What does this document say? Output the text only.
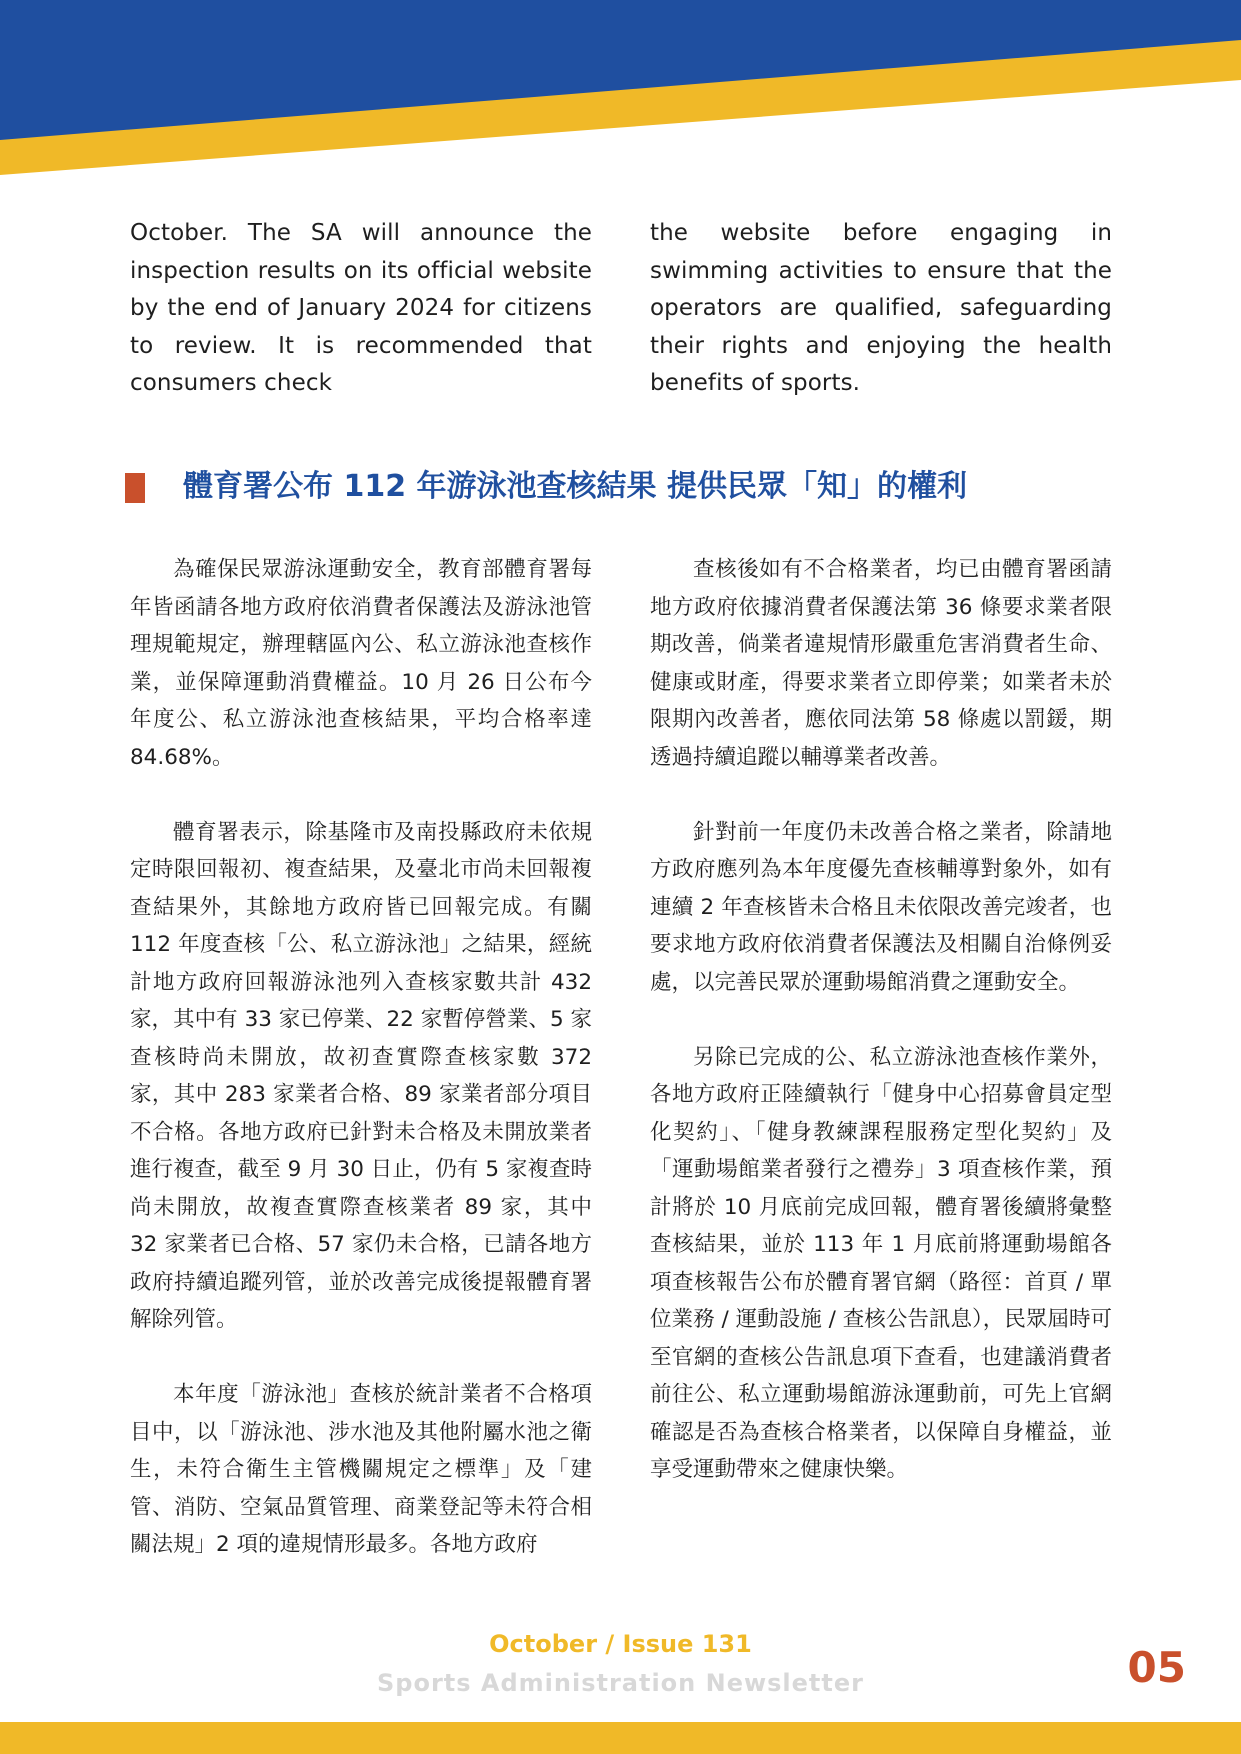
October. The SA will announce the inspection results on its official website by the end of January 2024 for citizens to review. It is recommended that consumers check
the website before engaging in swimming activities to ensure that the operators are qualified, safeguarding their rights and enjoying the health benefits of sports.
體育署公布 112 年游泳池查核結果 提供民眾「知」的權利

為確保民眾游泳運動安全，教育部體育署每年皆函請各地方政府依消費者保護法及游泳池管理規範規定，辦理轄區內公、私立游泳池查核作業，並保障運動消費權益。10 月 26 日公布今年度公、私立游泳池查核結果，平均合格率達 84.68%。

體育署表示，除基隆市及南投縣政府未依規定時限回報初、複查結果，及臺北市尚未回報複查結果外，其餘地方政府皆已回報完成。有關 112 年度查核「公、私立游泳池」之結果，經統計地方政府回報游泳池列入查核家數共計 432 家，其中有 33 家已停業、22 家暫停營業、5 家查核時尚未開放，故初查實際查核家數 372 家，其中 283 家業者合格、89 家業者部分項目不合格。各地方政府已針對未合格及未開放業者進行複查，截至 9 月 30 日止，仍有 5 家複查時尚未開放，故複查實際查核業者 89 家，其中 32 家業者已合格、57 家仍未合格，已請各地方政府持續追蹤列管，並於改善完成後提報體育署解除列管。

本年度「游泳池」查核於統計業者不合格項目中，以「游泳池、涉水池及其他附屬水池之衛生，未符合衛生主管機關規定之標準」及「建管、消防、空氣品質管理、商業登記等未符合相關法規」2 項的違規情形最多。各地方政府

查核後如有不合格業者，均已由體育署函請地方政府依據消費者保護法第 36 條要求業者限期改善，倘業者違規情形嚴重危害消費者生命、健康或財產，得要求業者立即停業；如業者未於限期內改善者，應依同法第 58 條處以罰鍰，期透過持續追蹤以輔導業者改善。

針對前一年度仍未改善合格之業者，除請地方政府應列為本年度優先查核輔導對象外，如有連續 2 年查核皆未合格且未依限改善完竣者，也要求地方政府依消費者保護法及相關自治條例妥處，以完善民眾於運動場館消費之運動安全。

另除已完成的公、私立游泳池查核作業外，各地方政府正陸續執行「健身中心招募會員定型化契約」、「健身教練課程服務定型化契約」及「運動場館業者發行之禮券」3 項查核作業，預計將於 10 月底前完成回報，體育署後續將彙整查核結果，並於 113 年 1 月底前將運動場館各項查核報告公布於體育署官網（路徑：首頁 / 單位業務 / 運動設施 / 查核公告訊息），民眾屆時可至官網的查核公告訊息項下查看，也建議消費者前往公、私立運動場館游泳運動前，可先上官網確認是否為查核合格業者，以保障自身權益，並享受運動帶來之健康快樂。

October / Issue 131
Sports Administration Newsletter	05
